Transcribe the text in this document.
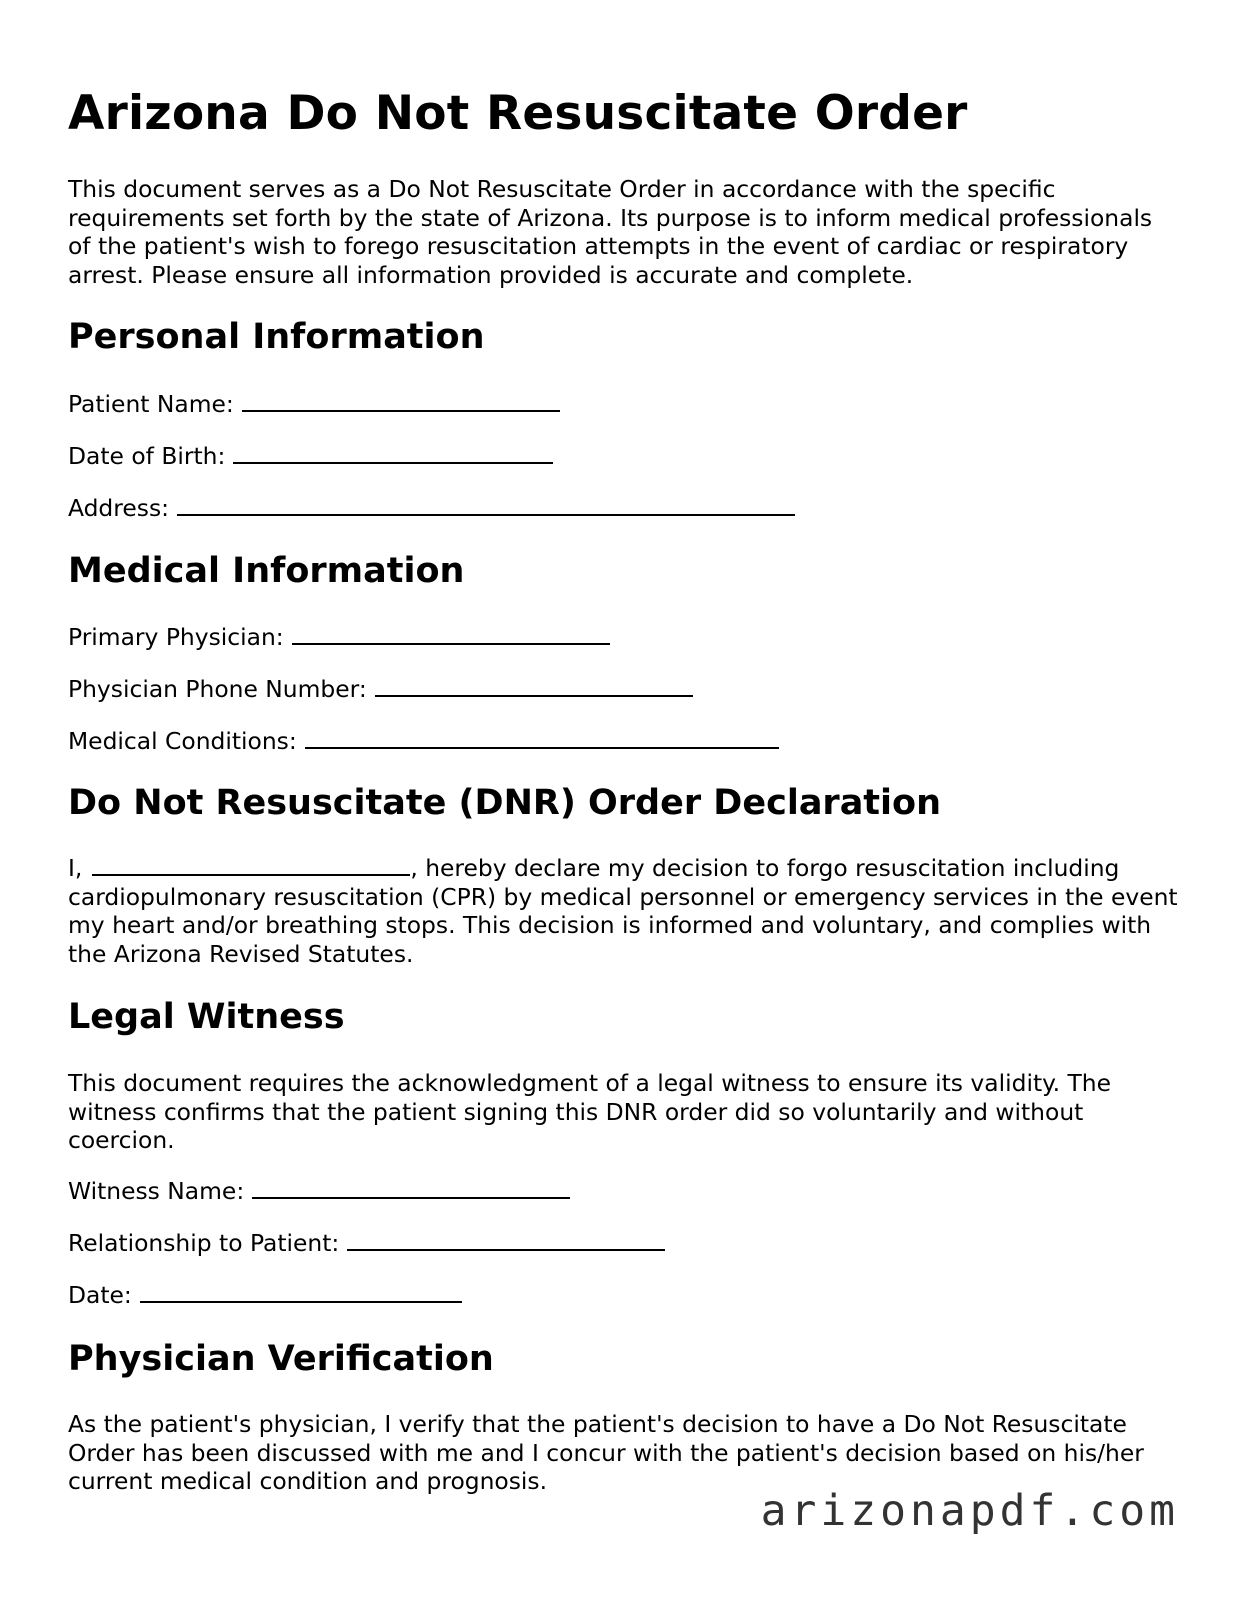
Arizona Do Not Resuscitate Order

This document serves as a Do Not Resuscitate Order in accordance with the specific requirements set forth by the state of Arizona. Its purpose is to inform medical professionals of the patient's wish to forego resuscitation attempts in the event of cardiac or respiratory arrest. Please ensure all information provided is accurate and complete.

Personal Information
Patient Name:
Date of Birth:
Address:
Medical Information
Primary Physician:
Physician Phone Number:
Medical Conditions:
Do Not Resuscitate (DNR) Order Declaration

I,	, hereby declare my decision to forgo resuscitation including cardiopulmonary resuscitation (CPR) by medical personnel or emergency services in the event my heart and/or breathing stops. This decision is informed and voluntary, and complies with the Arizona Revised Statutes.

Legal Witness

This document requires the acknowledgment of a legal witness to ensure its validity. The witness confirms that the patient signing this DNR order did so voluntarily and without coercion.

Witness Name:
Relationship to Patient:
Date:
Physician Verification

As the patient's physician, I verify that the patient's decision to have a Do Not Resuscitate Order has been discussed with me and I concur with the patient's decision based on his/her current medical condition and prognosis.

arizonapdf.com
